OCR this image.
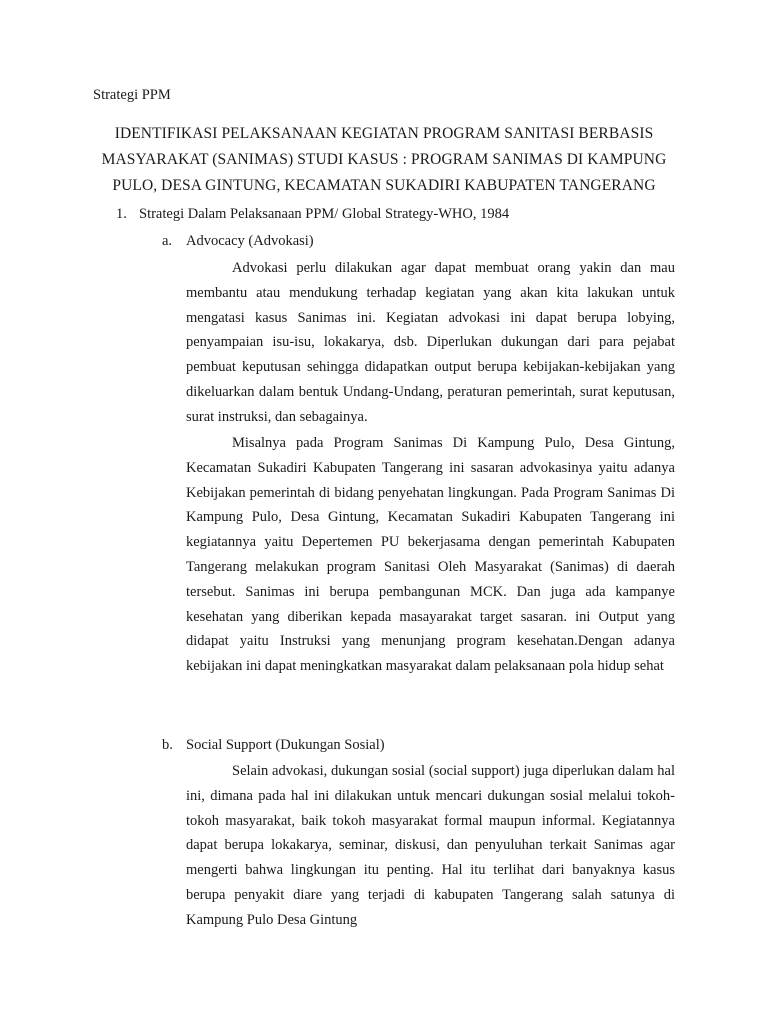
Strategi PPM
IDENTIFIKASI PELAKSANAAN KEGIATAN PROGRAM SANITASI BERBASIS MASYARAKAT (SANIMAS) STUDI KASUS : PROGRAM SANIMAS DI KAMPUNG PULO, DESA GINTUNG, KECAMATAN SUKADIRI KABUPATEN TANGERANG
1. Strategi Dalam Pelaksanaan PPM/ Global Strategy-WHO, 1984
a. Advocacy (Advokasi)

Advokasi perlu dilakukan agar dapat membuat orang yakin dan mau membantu atau mendukung terhadap kegiatan yang akan kita lakukan untuk mengatasi kasus Sanimas ini. Kegiatan advokasi ini dapat berupa lobying, penyampaian isu-isu, lokakarya, dsb. Diperlukan dukungan dari para pejabat pembuat keputusan sehingga didapatkan output berupa kebijakan-kebijakan yang dikeluarkan dalam bentuk Undang-Undang, peraturan pemerintah, surat keputusan, surat instruksi, dan sebagainya.

Misalnya pada Program Sanimas Di Kampung Pulo, Desa Gintung, Kecamatan Sukadiri Kabupaten Tangerang ini sasaran advokasinya yaitu adanya Kebijakan pemerintah di bidang penyehatan lingkungan. Pada Program Sanimas Di Kampung Pulo, Desa Gintung, Kecamatan Sukadiri Kabupaten Tangerang ini kegiatannya yaitu Depertemen PU bekerjasama dengan pemerintah Kabupaten Tangerang melakukan program Sanitasi Oleh Masyarakat (Sanimas) di daerah tersebut. Sanimas ini berupa pembangunan MCK. Dan juga ada kampanye kesehatan yang diberikan kepada masayarakat target sasaran. ini Output yang didapat yaitu Instruksi yang menunjang program kesehatan.Dengan adanya kebijakan ini dapat meningkatkan masyarakat dalam pelaksanaan pola hidup sehat

b. Social Support (Dukungan Sosial)

Selain advokasi, dukungan sosial (social support) juga diperlukan dalam hal ini, dimana pada hal ini dilakukan untuk mencari dukungan sosial melalui tokoh-tokoh masyarakat, baik tokoh masyarakat formal maupun informal. Kegiatannya dapat berupa lokakarya, seminar, diskusi, dan penyuluhan terkait Sanimas agar mengerti bahwa lingkungan itu penting. Hal itu terlihat dari banyaknya kasus berupa penyakit diare yang terjadi di kabupaten Tangerang salah satunya di Kampung Pulo Desa Gintung
